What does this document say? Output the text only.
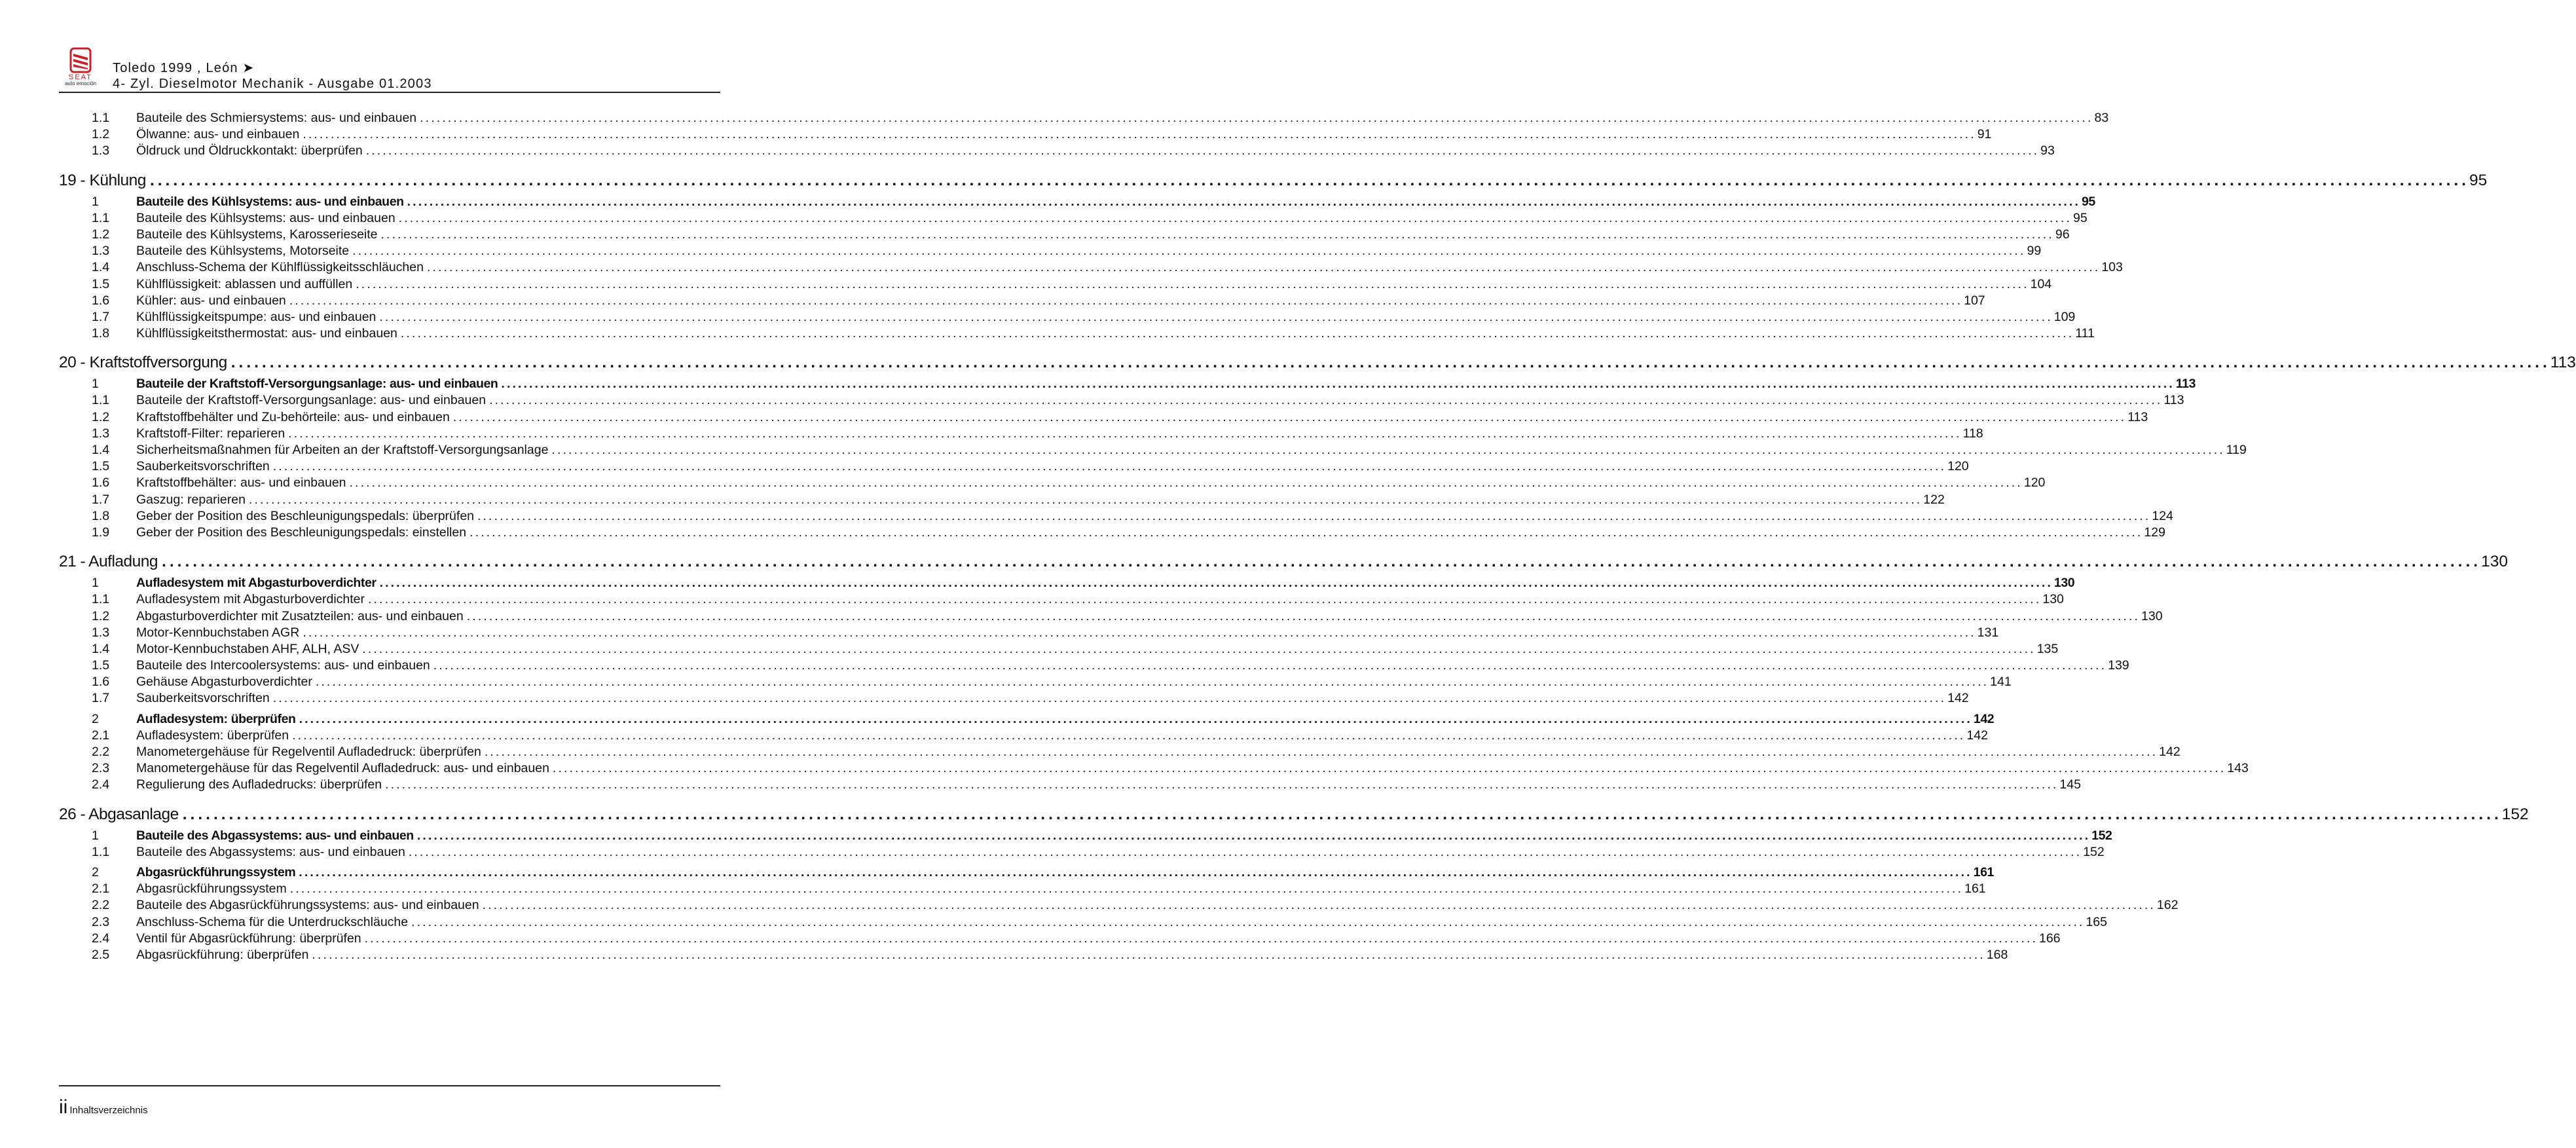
SEAT
auto emoción
Toledo 1999 , León ➤
4- Zyl. Dieselmotor Mechanik - Ausgabe 01.2003
1.1 Bauteile des Schmiersystems: aus- und einbauen ............................................................................................................................................................................................................................................................................................................ 83
1.2 Ölwanne: aus- und einbauen ............................................................................................................................................................................................................................................................................................................ 91
1.3 Öldruck und Öldruckkontakt: überprüfen ............................................................................................................................................................................................................................................................................................................ 93
19 - Kühlung ............................................................................................................................................................................................................................................................................................................ 95
1	Bauteile des Kühlsystems: aus- und einbauen ............................................................................................................................................................................................................................................................................................................ 95
1.1 Bauteile des Kühlsystems: aus- und einbauen ............................................................................................................................................................................................................................................................................................................ 95
1.2 Bauteile des Kühlsystems, Karosserieseite ............................................................................................................................................................................................................................................................................................................ 96
1.3 Bauteile des Kühlsystems, Motorseite ............................................................................................................................................................................................................................................................................................................ 99
1.4 Anschluss-Schema der Kühlflüssigkeitsschläuchen ............................................................................................................................................................................................................................................................................................................ 103
1.5 Kühlflüssigkeit: ablassen und auffüllen ............................................................................................................................................................................................................................................................................................................ 104
1.6 Kühler: aus- und einbauen ............................................................................................................................................................................................................................................................................................................ 107
1.7 Kühlflüssigkeitspumpe: aus- und einbauen ............................................................................................................................................................................................................................................................................................................ 109
1.8 Kühlflüssigkeitsthermostat: aus- und einbauen ............................................................................................................................................................................................................................................................................................................ 111
20 - Kraftstoffversorgung ............................................................................................................................................................................................................................................................................................................ 113
1	Bauteile der Kraftstoff-Versorgungsanlage: aus- und einbauen ............................................................................................................................................................................................................................................................................................................ 113
1.1 Bauteile der Kraftstoff-Versorgungsanlage: aus- und einbauen ............................................................................................................................................................................................................................................................................................................ 113
1.2 Kraftstoffbehälter und Zu-behörteile: aus- und einbauen ............................................................................................................................................................................................................................................................................................................ 113
1.3 Kraftstoff-Filter: reparieren ............................................................................................................................................................................................................................................................................................................ 118
1.4 Sicherheitsmaßnahmen für Arbeiten an der Kraftstoff-Versorgungsanlage ............................................................................................................................................................................................................................................................................................................ 119
1.5 Sauberkeitsvorschriften ............................................................................................................................................................................................................................................................................................................ 120
1.6 Kraftstoffbehälter: aus- und einbauen ............................................................................................................................................................................................................................................................................................................ 120
1.7 Gaszug: reparieren ............................................................................................................................................................................................................................................................................................................ 122
1.8 Geber der Position des Beschleunigungspedals: überprüfen ............................................................................................................................................................................................................................................................................................................ 124
1.9 Geber der Position des Beschleunigungspedals: einstellen ............................................................................................................................................................................................................................................................................................................ 129
21 - Aufladung ............................................................................................................................................................................................................................................................................................................ 130
1	Aufladesystem mit Abgasturboverdichter ............................................................................................................................................................................................................................................................................................................ 130
1.1 Aufladesystem mit Abgasturboverdichter ............................................................................................................................................................................................................................................................................................................ 130
1.2 Abgasturboverdichter mit Zusatzteilen: aus- und einbauen ............................................................................................................................................................................................................................................................................................................ 130
1.3 Motor-Kennbuchstaben AGR ............................................................................................................................................................................................................................................................................................................ 131
1.4 Motor-Kennbuchstaben AHF, ALH, ASV ............................................................................................................................................................................................................................................................................................................ 135
1.5 Bauteile des Intercoolersystems: aus- und einbauen ............................................................................................................................................................................................................................................................................................................ 139
1.6 Gehäuse Abgasturboverdichter ............................................................................................................................................................................................................................................................................................................ 141
1.7 Sauberkeitsvorschriften ............................................................................................................................................................................................................................................................................................................ 142
2	Aufladesystem: überprüfen ............................................................................................................................................................................................................................................................................................................ 142
2.1 Aufladesystem: überprüfen ............................................................................................................................................................................................................................................................................................................ 142
2.2 Manometergehäuse für Regelventil Aufladedruck: überprüfen ............................................................................................................................................................................................................................................................................................................ 142
2.3 Manometergehäuse für das Regelventil Aufladedruck: aus- und einbauen ............................................................................................................................................................................................................................................................................................................ 143
2.4 Regulierung des Aufladedrucks: überprüfen ............................................................................................................................................................................................................................................................................................................ 145
26 - Abgasanlage ............................................................................................................................................................................................................................................................................................................ 152
1	Bauteile des Abgassystems: aus- und einbauen ............................................................................................................................................................................................................................................................................................................ 152
1.1 Bauteile des Abgassystems: aus- und einbauen ............................................................................................................................................................................................................................................................................................................ 152
2	Abgasrückführungssystem ............................................................................................................................................................................................................................................................................................................ 161
2.1 Abgasrückführungssystem ............................................................................................................................................................................................................................................................................................................ 161
2.2 Bauteile des Abgasrückführungssystems: aus- und einbauen ............................................................................................................................................................................................................................................................................................................ 162
2.3 Anschluss-Schema für die Unterdruckschläuche ............................................................................................................................................................................................................................................................................................................ 165
2.4 Ventil für Abgasrückführung: überprüfen ............................................................................................................................................................................................................................................................................................................ 166
2.5 Abgasrückführung: überprüfen ............................................................................................................................................................................................................................................................................................................ 168
ii Inhaltsverzeichnis
